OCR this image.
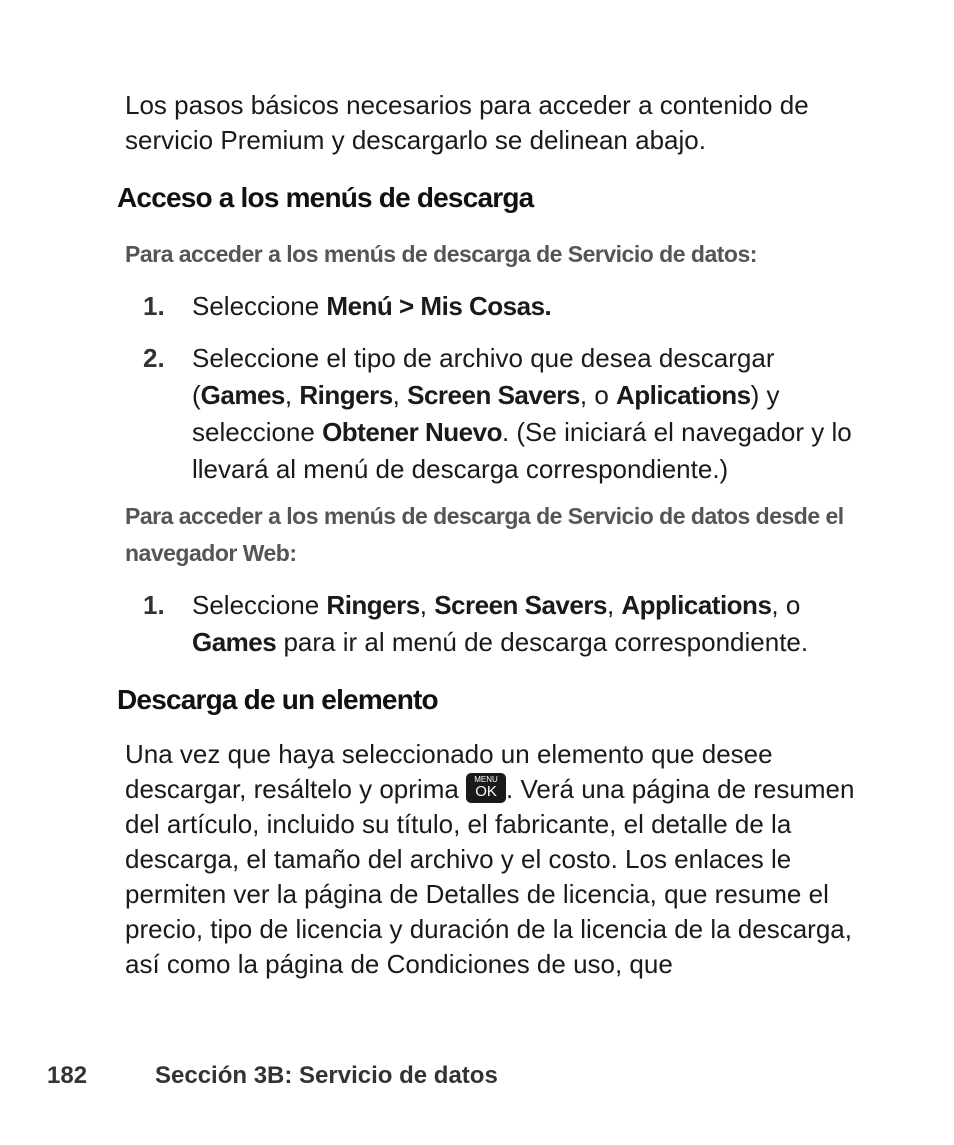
Los pasos básicos necesarios para acceder a contenido de servicio Premium y descargarlo se delinean abajo.

Acceso a los menús de descarga

Para acceder a los menús de descarga de Servicio de datos:

1. Seleccione Menú > Mis Cosas.
2. Seleccione el tipo de archivo que desea descargar (Games, Ringers, Screen Savers, o Aplications) y seleccione Obtener Nuevo. (Se iniciará el navegador y lo llevará al menú de descarga correspondiente.)

Para acceder a los menús de descarga de Servicio de datos desde el navegador Web:

1. Seleccione Ringers, Screen Savers, Applications, o Games para ir al menú de descarga correspondiente.
Descarga de un elemento

Una vez que haya seleccionado un elemento que desee descargar, resáltelo y oprima	MENU
OK . Verá una página de resumen del artículo, incluido su título, el fabricante, el detalle de la descarga, el tamaño del archivo y el costo. Los enlaces le permiten ver la página de Detalles de licencia, que resume el precio, tipo de licencia y duración de la licencia de la descarga, así como la página de Condiciones de uso, que

182	Sección 3B: Servicio de datos
